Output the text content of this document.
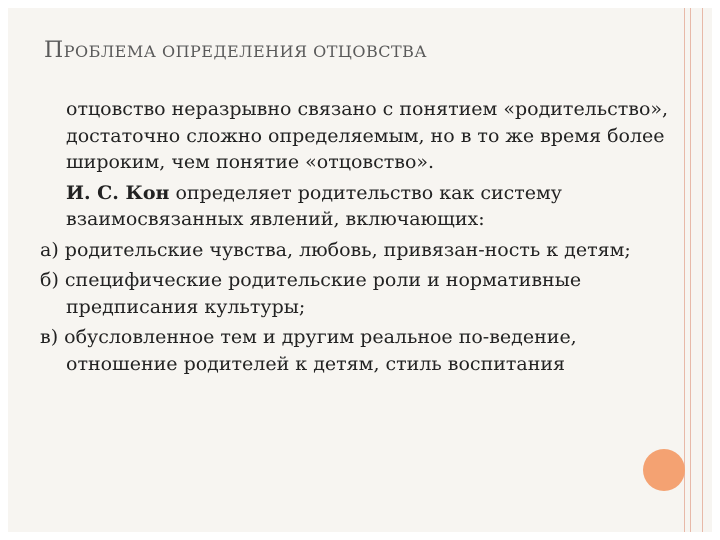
ПРОБЛЕМА ОПРЕДЕЛЕНИЯ ОТЦОВСТВА

отцовство неразрывно связано с понятием «родительство», достаточно сложно определяемым, но в то же время более широким, чем понятие «отцовство».

И. С. Кон определяет родительство как систему взаимосвязанных явлений, включающих:

а) родительские чувства, любовь, привязан-ность к детям;

б) специфические родительские роли и нормативные предписания культуры;

в) обусловленное тем и другим реальное по-ведение, отношение родителей к детям, стиль воспитания
